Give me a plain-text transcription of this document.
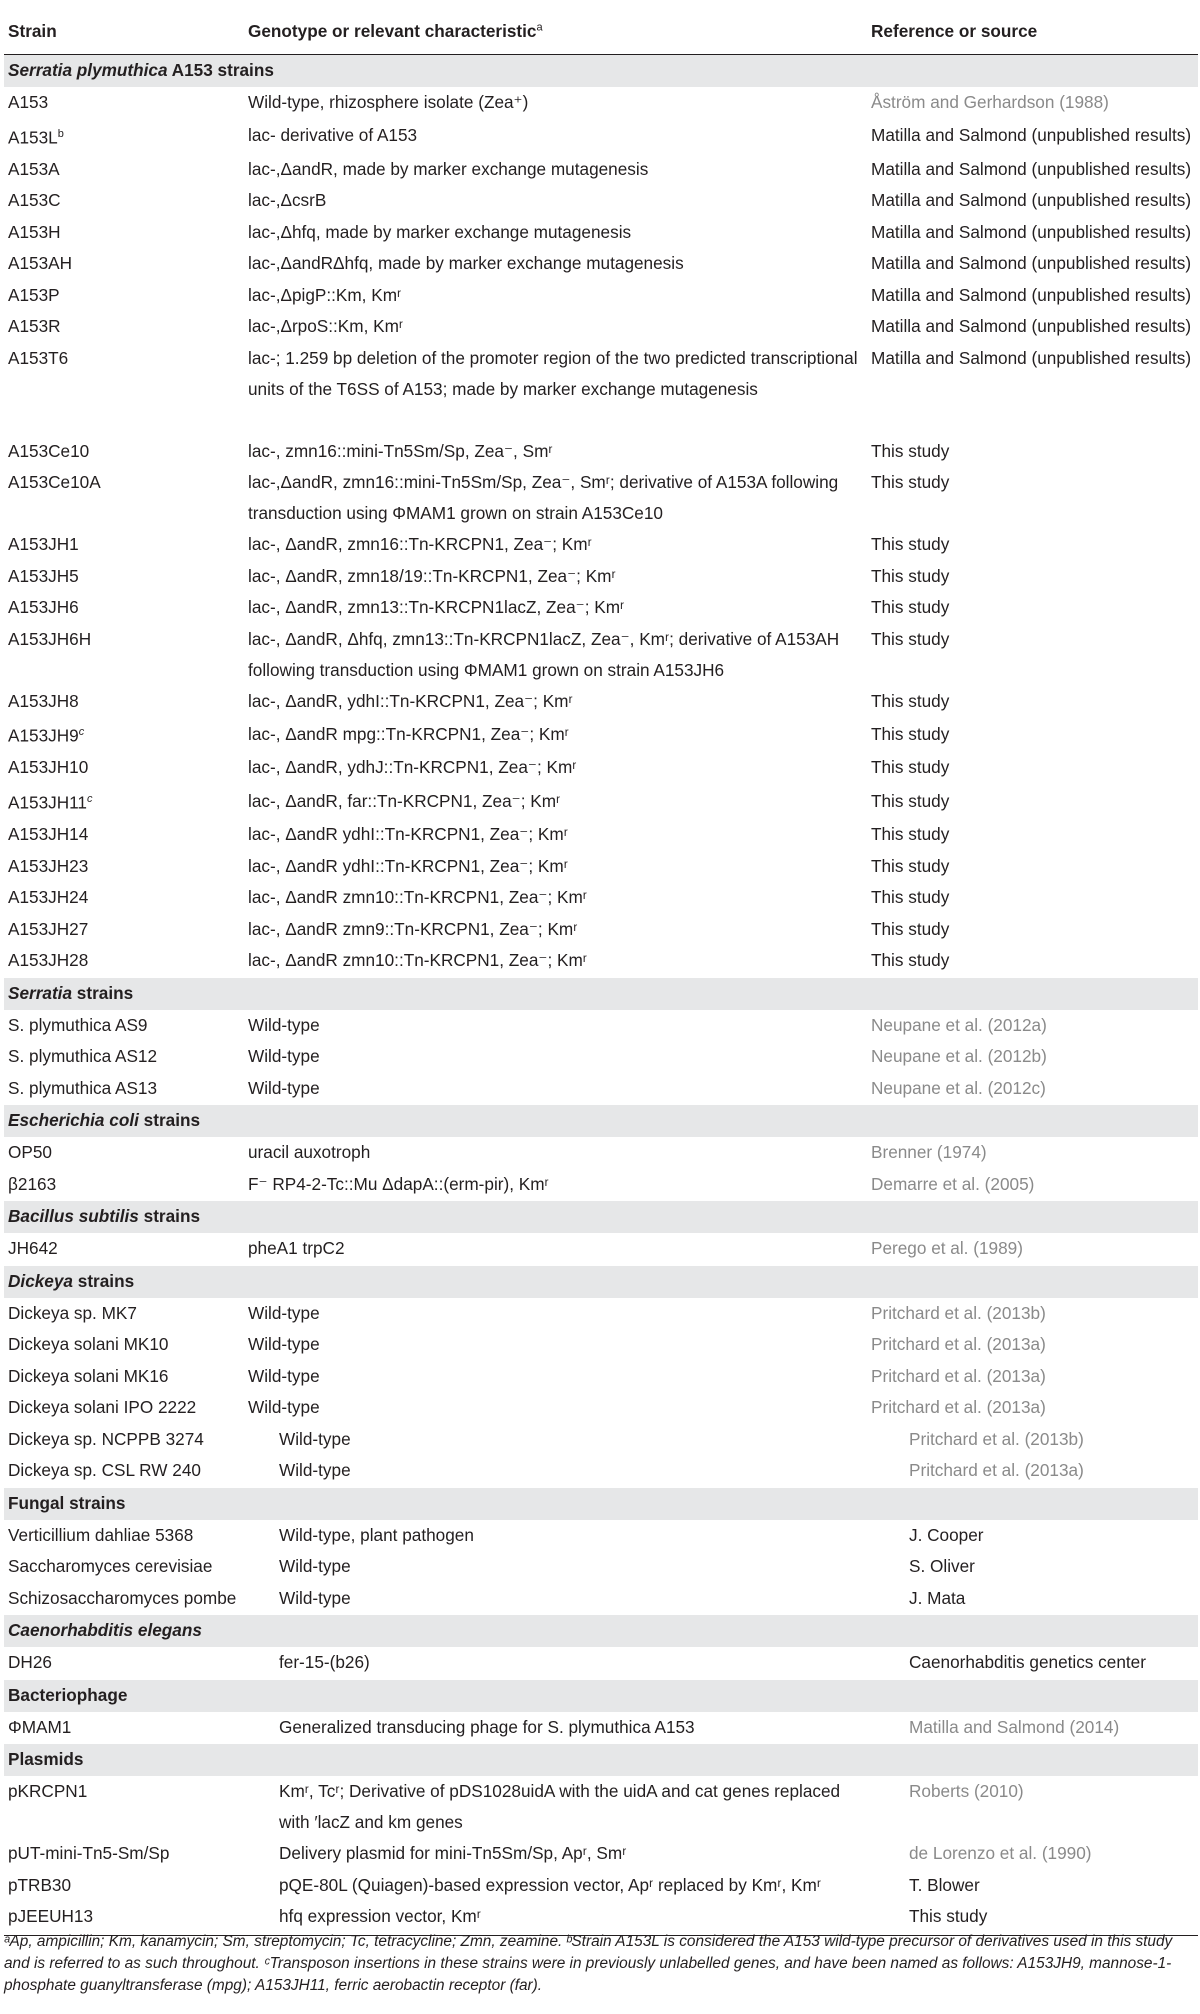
Strain	Genotype or relevant characteristic$^a$	Reference or source
Serratia plymuthica A153 strains		
A153	Wild-type, rhizosphere isolate (Zea⁺)	Åström and Gerhardson (1988)
$A153L^b$	lac- derivative of A153	Matilla and Salmond (unpublished results)
A153A	lac-,ΔandR, made by marker exchange mutagenesis	Matilla and Salmond (unpublished results)
A153C	lac-,ΔcsrB	Matilla and Salmond (unpublished results)
A153H	lac-,Δhfq, made by marker exchange mutagenesis	Matilla and Salmond (unpublished results)
A153AH	lac-,ΔandRΔhfq, made by marker exchange mutagenesis	Matilla and Salmond (unpublished results)
A153P	lac-,ΔpigP::Km, Kmʳ	Matilla and Salmond (unpublished results)
A153R	lac-,ΔrpoS::Km, Kmʳ	Matilla and Salmond (unpublished results)
A153T6	lac-; 1.259 bp deletion of the promoter region of the two predicted transcriptional units of the T6SS of A153; made by marker exchange mutagenesis	Matilla and Salmond (unpublished results)
A153Ce10	lac-, zmn16::mini-Tn5Sm/Sp, Zea⁻, Smʳ	This study
A153Ce10A	lac-,ΔandR, zmn16::mini-Tn5Sm/Sp, Zea⁻, Smʳ; derivative of A153A following transduction using ΦMAM1 grown on strain A153Ce10	This study
A153JH1	lac-, ΔandR, zmn16::Tn-KRCPN1, Zea⁻; Kmʳ	This study
A153JH5	lac-, ΔandR, zmn18/19::Tn-KRCPN1, Zea⁻; Kmʳ	This study
A153JH6	lac-, ΔandR, zmn13::Tn-KRCPN1lacZ, Zea⁻; Kmʳ	This study
A153JH6H	lac-, ΔandR, Δhfq, zmn13::Tn-KRCPN1lacZ, Zea⁻, Kmʳ; derivative of A153AH following transduction using ΦMAM1 grown on strain A153JH6	This study
A153JH8	lac-, ΔandR, ydhI::Tn-KRCPN1, Zea⁻; Kmʳ	This study
A153JH9$^c$	lac-, ΔandR mpg::Tn-KRCPN1, Zea⁻; Kmʳ	This study
A153JH10	lac-, ΔandR, ydhJ::Tn-KRCPN1, Zea⁻; Kmʳ	This study
A153JH11$^c$	lac-, ΔandR, far::Tn-KRCPN1, Zea⁻; Kmʳ	This study
A153JH14	lac-, ΔandR ydhI::Tn-KRCPN1, Zea⁻; Kmʳ	This study
A153JH23	lac-, ΔandR ydhI::Tn-KRCPN1, Zea⁻; Kmʳ	This study
A153JH24	lac-, ΔandR zmn10::Tn-KRCPN1, Zea⁻; Kmʳ	This study
A153JH27	lac-, ΔandR zmn9::Tn-KRCPN1, Zea⁻; Kmʳ	This study
A153JH28	lac-, ΔandR zmn10::Tn-KRCPN1, Zea⁻; Kmʳ	This study
Serratia strains		
S. plymuthica AS9	Wild-type	Neupane et al. (2012a)
S. plymuthica AS12	Wild-type	Neupane et al. (2012b)
S. plymuthica AS13	Wild-type	Neupane et al. (2012c)
Escherichia coli strains		
OP50	uracil auxotroph	Brenner (1974)
β2163	F⁻ RP4-2-Tc::Mu ΔdapA::(erm-pir), Kmʳ	Demarre et al. (2005)
Bacillus subtilis strains		
JH642	pheA1 trpC2	Perego et al. (1989)
Dickeya strains		
Dickeya sp. MK7	Wild-type	Pritchard et al. (2013b)
Dickeya solani MK10	Wild-type	Pritchard et al. (2013a)
Dickeya solani MK16	Wild-type	Pritchard et al. (2013a)
Dickeya solani IPO 2222	Wild-type	Pritchard et al. (2013a)
Dickeya sp. NCPPB 3274	Wild-type	Pritchard et al. (2013b)
Dickeya sp. CSL RW 240	Wild-type	Pritchard et al. (2013a)
Fungal strains		
Verticillium dahliae 5368	Wild-type, plant pathogen	J. Cooper
Saccharomyces cerevisiae	Wild-type	S. Oliver
Schizosaccharomyces pombe	Wild-type	J. Mata
Caenorhabditis elegans		
DH26	fer-15-(b26)	Caenorhabditis genetics center
Bacteriophage		
ΦMAM1	Generalized transducing phage for S. plymuthica A153	Matilla and Salmond (2014)
Plasmids		
pKRCPN1	Kmʳ, Tcʳ; Derivative of pDS1028uidA with the uidA and cat genes replaced with ′lacZ and km genes	Roberts (2010)
pUT-mini-Tn5-Sm/Sp	Delivery plasmid for mini-Tn5Sm/Sp, Apʳ, Smʳ	de Lorenzo et al. (1990)
pTRB30	pQE-80L (Quiagen)-based expression vector, Apʳ replaced by Kmʳ, Kmʳ	T. Blower
pJEEUH13	hfq expression vector, Kmʳ	This study
ᵃAp, ampicillin; Km, kanamycin; Sm, streptomycin; Tc, tetracycline; Zmn, zeamine. ᵇStrain A153L is considered the A153 wild-type precursor of derivatives used in this study and is referred to as such throughout. ᶜTransposon insertions in these strains were in previously unlabelled genes, and have been named as follows: A153JH9, mannose-1-phosphate guanyltransferase (mpg); A153JH11, ferric aerobactin receptor (far).
